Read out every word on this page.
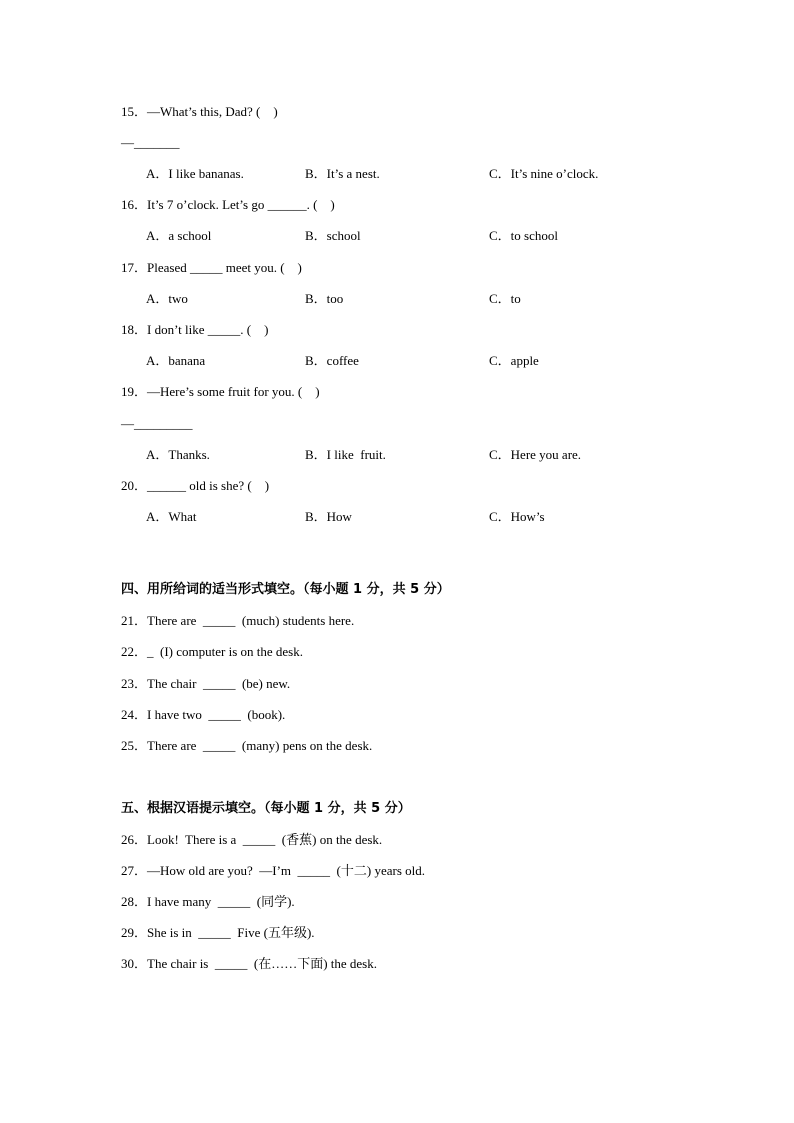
15．—What’s this, Dad? (    )
—_______
A．I like bananas.	B．It’s a nest.	C．It’s nine o’clock.
16．It’s 7 o’clock. Let’s go ______. (    )
A．a school	B．school	C．to school
17．Pleased _____ meet you. (    )
A．two	B．too	C．to
18．I don’t like _____. (    )
A．banana	B．coffee	C．apple
19．—Here’s some fruit for you. (    )
—_________
A．Thanks.	B．I like  fruit.	C．Here you are.
20．______ old is she? (    )
A．What	B．How	C．How’s
四、用所给词的适当形式填空。（每小题 1 分，共 5 分）
21．There are  _____  (much) students here.
22．_  (I) computer is on the desk.
23．The chair  _____  (be) new.
24．I have two  _____  (book).
25．There are  _____  (many) pens on the desk.
五、根据汉语提示填空。（每小题 1 分，共 5 分）
26．Look!  There is a  _____  (香蕉) on the desk.
27．—How old are you?  —I’m  _____  (十二) years old.
28．I have many  _____  (同学).
29．She is in  _____  Five (五年级).
30．The chair is  _____  (在……下面) the desk.
